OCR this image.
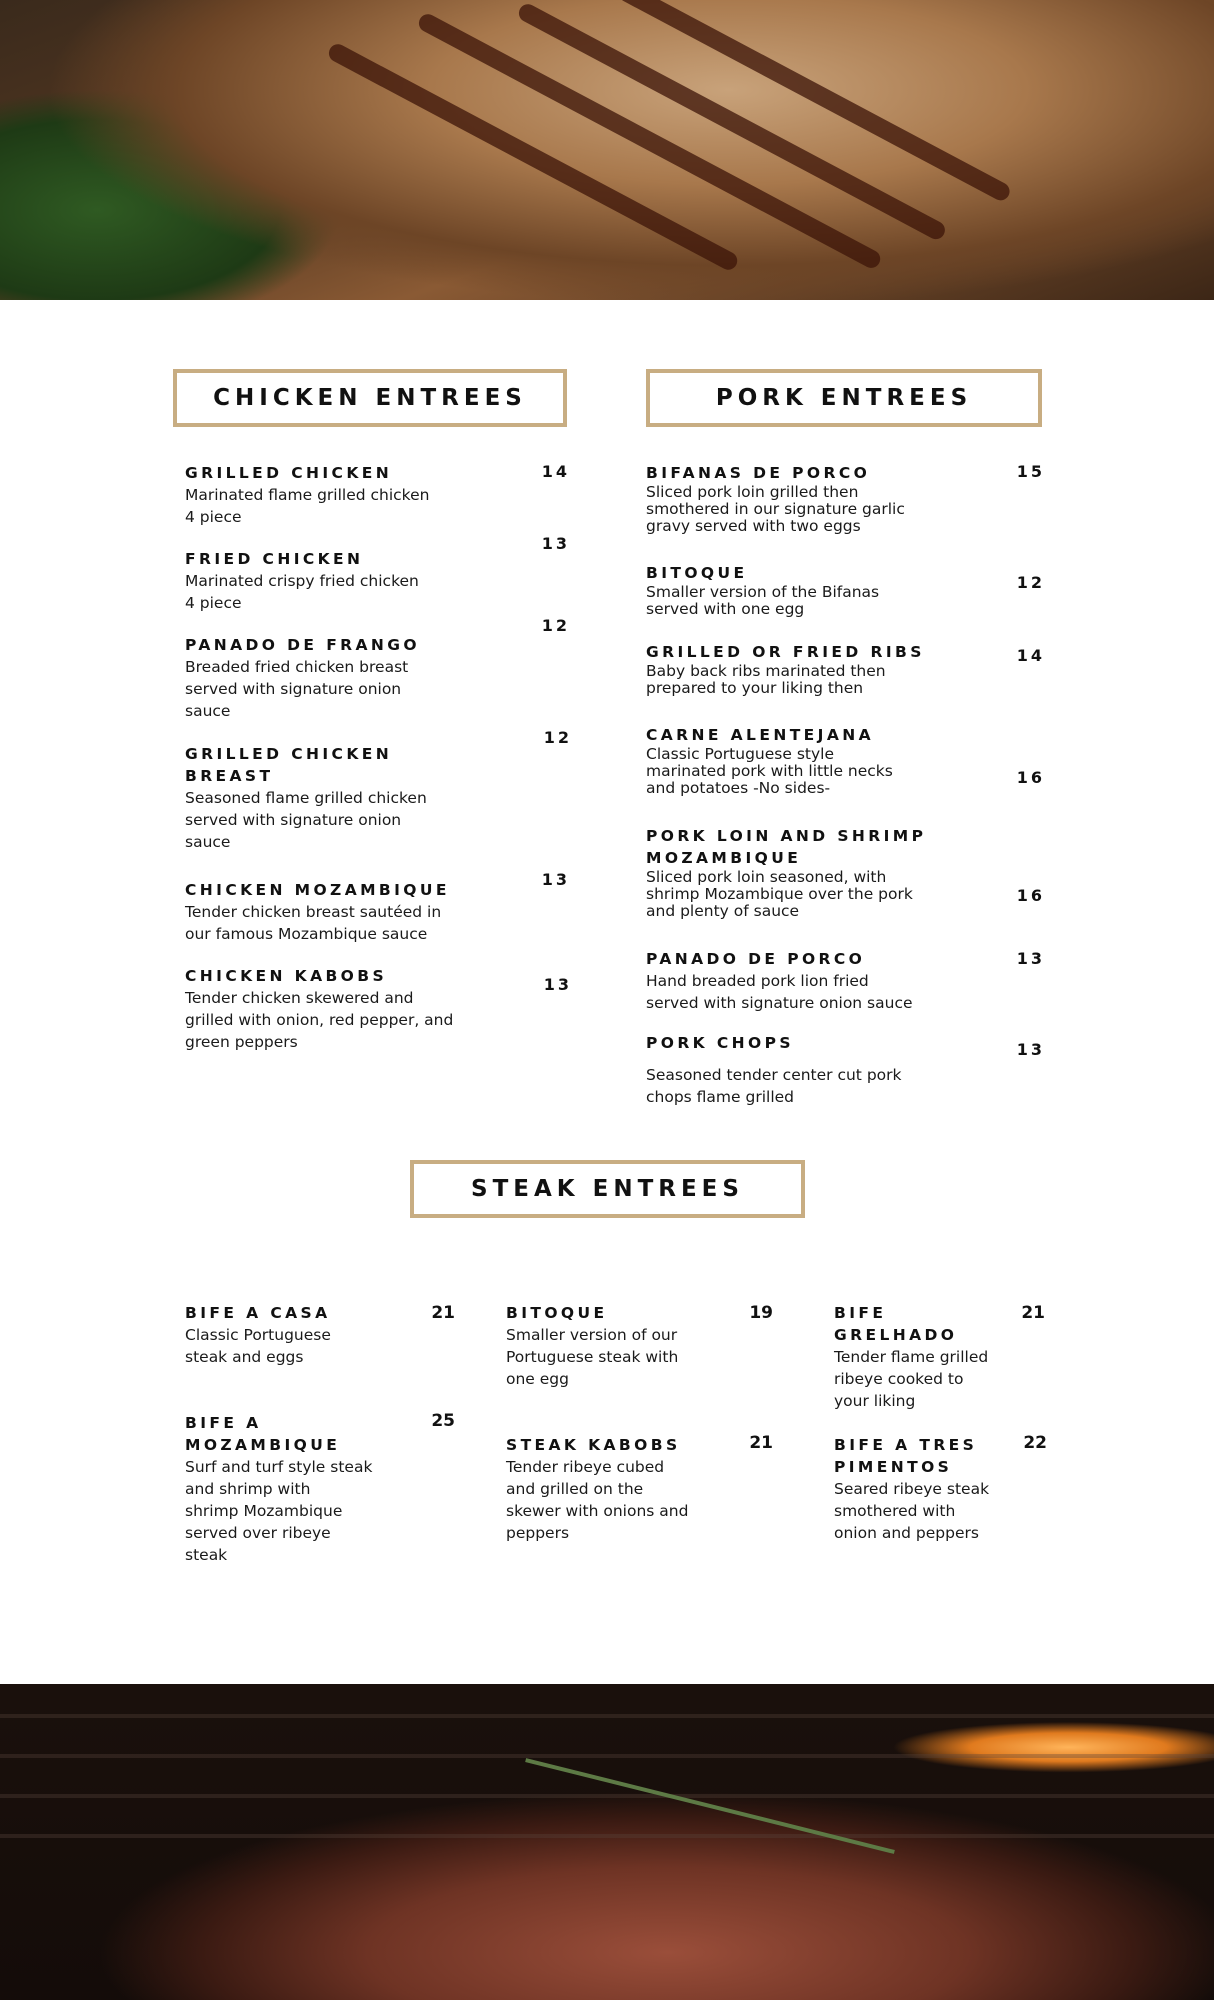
CHICKEN ENTREES
GRILLED CHICKEN
Marinated flame grilled chicken
4 piece
14
FRIED CHICKEN
Marinated crispy fried chicken
4 piece
13
PANADO DE FRANGO
Breaded fried chicken breast
served with signature onion
sauce
12
GRILLED CHICKEN
BREAST
Seasoned flame grilled chicken
served with signature onion
sauce
12
CHICKEN MOZAMBIQUE
Tender chicken breast sautéed in
our famous Mozambique sauce
13
CHICKEN KABOBS
Tender chicken skewered and
grilled with onion, red pepper, and
green peppers
13
PORK ENTREES
BIFANAS DE PORCO
Sliced pork loin grilled then
smothered in our signature garlic
gravy served with two eggs
15
BITOQUE
Smaller version of the Bifanas
served with one egg
12
GRILLED OR FRIED RIBS
Baby back ribs marinated then
prepared to your liking then
14
CARNE ALENTEJANA
Classic Portuguese style
marinated pork with little necks
and potatoes -No sides-
16
PORK LOIN AND SHRIMP
MOZAMBIQUE
Sliced pork loin seasoned, with
shrimp Mozambique over the pork
and plenty of sauce
16
PANADO DE PORCO
Hand breaded pork lion fried
served with signature onion sauce
13
PORK CHOPS
Seasoned tender center cut pork
chops flame grilled
13
STEAK ENTREES
BIFE A CASA
Classic Portuguese
steak and eggs
21	BITOQUE
Smaller version of our
Portuguese steak with
one egg
19	BIFE
GRELHADO
Tender flame grilled
ribeye cooked to
your liking
21
BIFE A
MOZAMBIQUE
Surf and turf style steak
and shrimp with
shrimp Mozambique
served over ribeye
steak
25
STEAK KABOBS
Tender ribeye cubed
and grilled on the
skewer with onions and
peppers
21	BIFE A TRES
PIMENTOS
Seared ribeye steak
smothered with
onion and peppers
22
